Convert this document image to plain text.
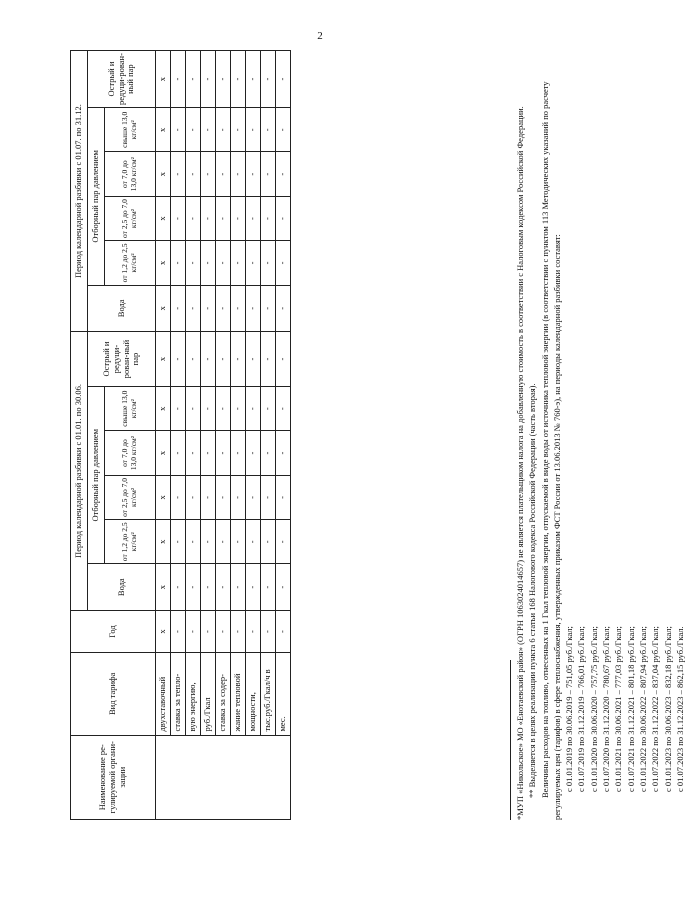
2
Наименование ре-гулируемой органи-зации	Вид тарифа	Год	Период календарной разбивки с 01.01. по 30.06.						Период календарной разбивки с 01.07. по 31.12.					
			Вода	Отборный пар давлением				Острый и редуци-рован-ный пар	Вода	Отборный пар давлением				Острый и редуци-рован-ный пар
				от 1,2 до 2,5 кг/см²	от 2,5 до 7,0 кг/см²	от 7,0 до 13,0 кг/см²	свыше 13,0 кг/см²			от 1,2 до 2,5 кг/см²	от 2,5 до 7,0 кг/см²	от 7,0 до 13,0 кг/см²	свыше 13,0 кг/см²	
	двухставочный	х	х	х	х	х	х	х	х	х	х	х	х	х
	ставка за тепло-	-	-	-	-	-	-	-	-	-	-	-	-	-
	вую энергию,	-	-	-	-	-	-	-	-	-	-	-	-	-
	руб./Гкал	-	-	-	-	-	-	-	-	-	-	-	-	-
	ставка за содер-	-	-	-	-	-	-	-	-	-	-	-	-	-
	жание тепловой	-	-	-	-	-	-	-	-	-	-	-	-	-
	мощности,	-	-	-	-	-	-	-	-	-	-	-	-	-
	тыс.руб./Гкал/ч в	-	-	-	-	-	-	-	-	-	-	-	-	-
	мес.	-	-	-	-	-	-	-	-	-	-	-	-	-

*МУП «Никольское» МО «Енотаевский район» (ОГРН 1063024014657) не является плательщиком налога на добавленную стоимость в соответствии с Налоговым кодексом Российской Федерации. ** Выделяется в целях реализации пункта 6 статьи 168 Налогового кодекса Российской Федерации (часть вторая). Величины расходов на топливо, отнесенных на 1 Гкал тепловой энергии, отпускаемой в виде воды от источника тепловой энергии (в соответствии с пунктом 113 Методических указаний по расчету регулируемых цен (тарифов) в сфере теплоснабжения, утвержденных приказом ФСТ России от 13.06.2013 № 760-э), на периоды календарной разбивки составят: с 01.01.2019 по 30.06.2019 – 751,05 руб./Гкал; с 01.07.2019 по 31.12.2019 – 766,01 руб./Гкал; с 01.01.2020 по 30.06.2020 – 757,75 руб./Гкал; с 01.07.2020 по 31.12.2020 – 780,67 руб./Гкал; с 01.01.2021 по 30.06.2021 – 777,03 руб./Гкал; с 01.07.2021 по 31.12.2021 – 801,18 руб./Гкал; с 01.01.2022 по 30.06.2022 – 807,94 руб./Гкал; с 01.07.2022 по 31.12.2022 – 837,04 руб./Гкал; с 01.01.2023 по 30.06.2023 – 832,18 руб./Гкал; с 01.07.2023 по 31.12.2023 – 862,15 руб./Гкал.
